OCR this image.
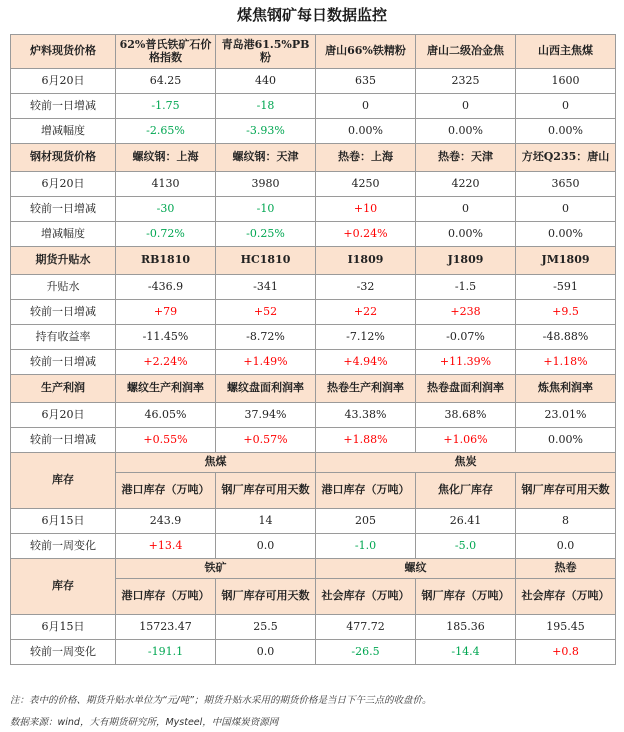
煤焦钢矿每日数据监控
炉料现货价格	62%普氏铁矿石价格指数	青岛港61.5%PB粉	唐山66%铁精粉	唐山二级冶金焦	山西主焦煤
6月20日	64.25	440	635	2325	1600
较前一日增减	-1.75	-18	0	0	0
增减幅度	-2.65%	-3.93%	0.00%	0.00%	0.00%
钢材现货价格	螺纹钢：上海	螺纹钢：天津	热卷：上海	热卷：天津	方坯Q235：唐山
6月20日	4130	3980	4250	4220	3650
较前一日增减	-30	-10	+10	0	0
增减幅度	-0.72%	-0.25%	+0.24%	0.00%	0.00%
期货升贴水	RB1810	HC1810	I1809	J1809	JM1809
升贴水	-436.9	-341	-32	-1.5	-591
较前一日增减	+79	+52	+22	+238	+9.5
持有收益率	-11.45%	-8.72%	-7.12%	-0.07%	-48.88%
较前一日增减	+2.24%	+1.49%	+4.94%	+11.39%	+1.18%
生产利润	螺纹生产利润率	螺纹盘面利润率	热卷生产利润率	热卷盘面利润率	炼焦利润率
6月20日	46.05%	37.94%	43.38%	38.68%	23.01%
较前一日增减	+0.55%	+0.57%	+1.88%	+1.06%	0.00%
库存	焦煤		焦炭		
	港口库存（万吨）	钢厂库存可用天数	港口库存（万吨）	焦化厂库存	钢厂库存可用天数
6月15日	243.9	14	205	26.41	8
较前一周变化	+13.4	0.0	-1.0	-5.0	0.0
库存	铁矿		螺纹		热卷
	港口库存（万吨）	钢厂库存可用天数	社会库存（万吨）	钢厂库存（万吨）	社会库存（万吨）
6月15日	15723.47	25.5	477.72	185.36	195.45
较前一周变化	-191.1	0.0	-26.5	-14.4	+0.8
注：表中的价格、期货升贴水单位为“元/吨”；期货升贴水采用的期货价格是当日下午三点的收盘价。
数据来源：wind，大有期货研究所，Mysteel，中国煤炭资源网
